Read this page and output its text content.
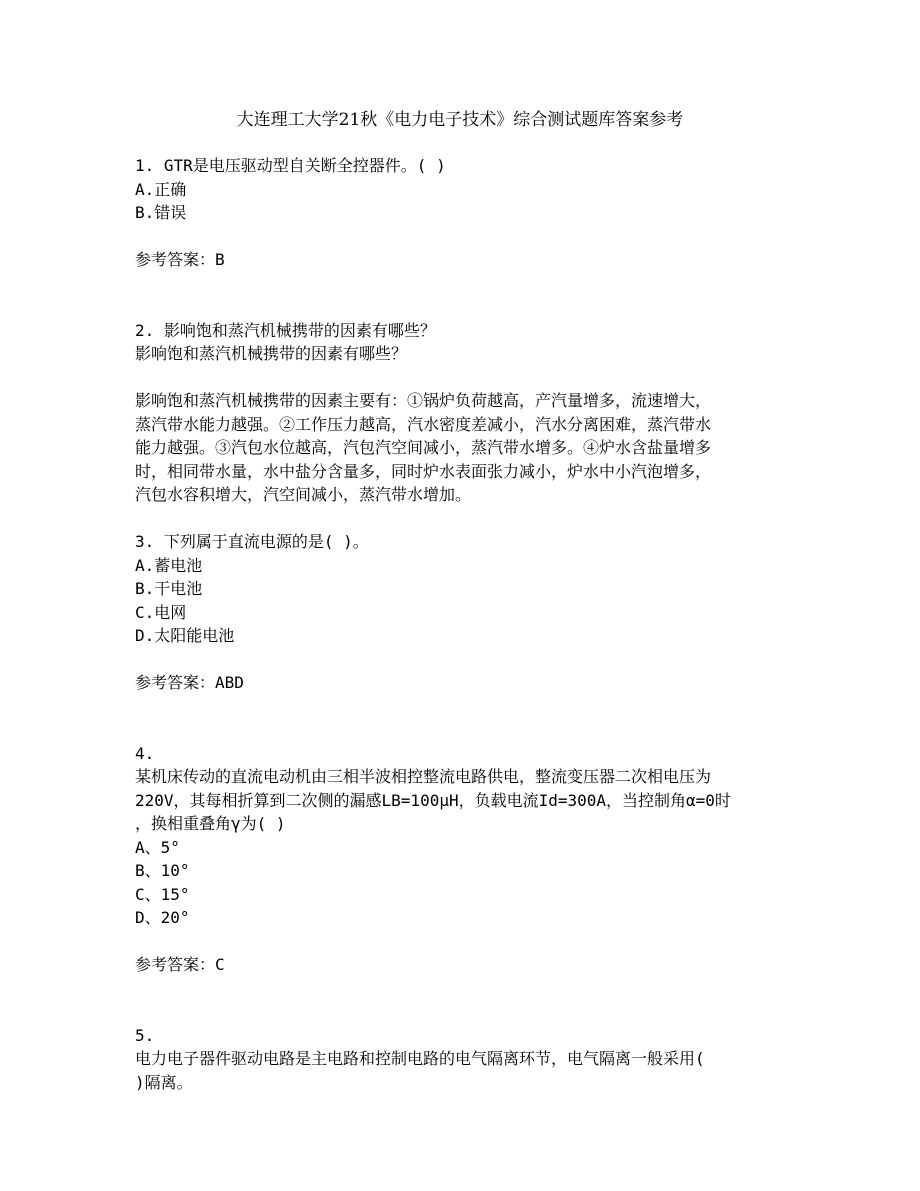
大连理工大学21秋《电力电子技术》综合测试题库答案参考
1. GTR是电压驱动型自关断全控器件。( )
A.正确
B.错误
参考答案：B
2. 影响饱和蒸汽机械携带的因素有哪些？
影响饱和蒸汽机械携带的因素有哪些？
影响饱和蒸汽机械携带的因素主要有：①锅炉负荷越高，产汽量增多，流速增大，
蒸汽带水能力越强。②工作压力越高，汽水密度差减小，汽水分离困难，蒸汽带水
能力越强。③汽包水位越高，汽包汽空间减小，蒸汽带水增多。④炉水含盐量增多
时，相同带水量，水中盐分含量多，同时炉水表面张力减小，炉水中小汽泡增多，
汽包水容积增大，汽空间减小，蒸汽带水增加。
3. 下列属于直流电源的是( )。
A.蓄电池
B.干电池
C.电网
D.太阳能电池
参考答案：ABD
4.
某机床传动的直流电动机由三相半波相控整流电路供电，整流变压器二次相电压为
220V，其每相折算到二次侧的漏感LB=100μH，负载电流Id=300A，当控制角α=0时
，换相重叠角γ为( )
A、5°
B、10°
C、15°
D、20°
参考答案：C
5.
电力电子器件驱动电路是主电路和控制电路的电气隔离环节，电气隔离一般采用(
)隔离。
